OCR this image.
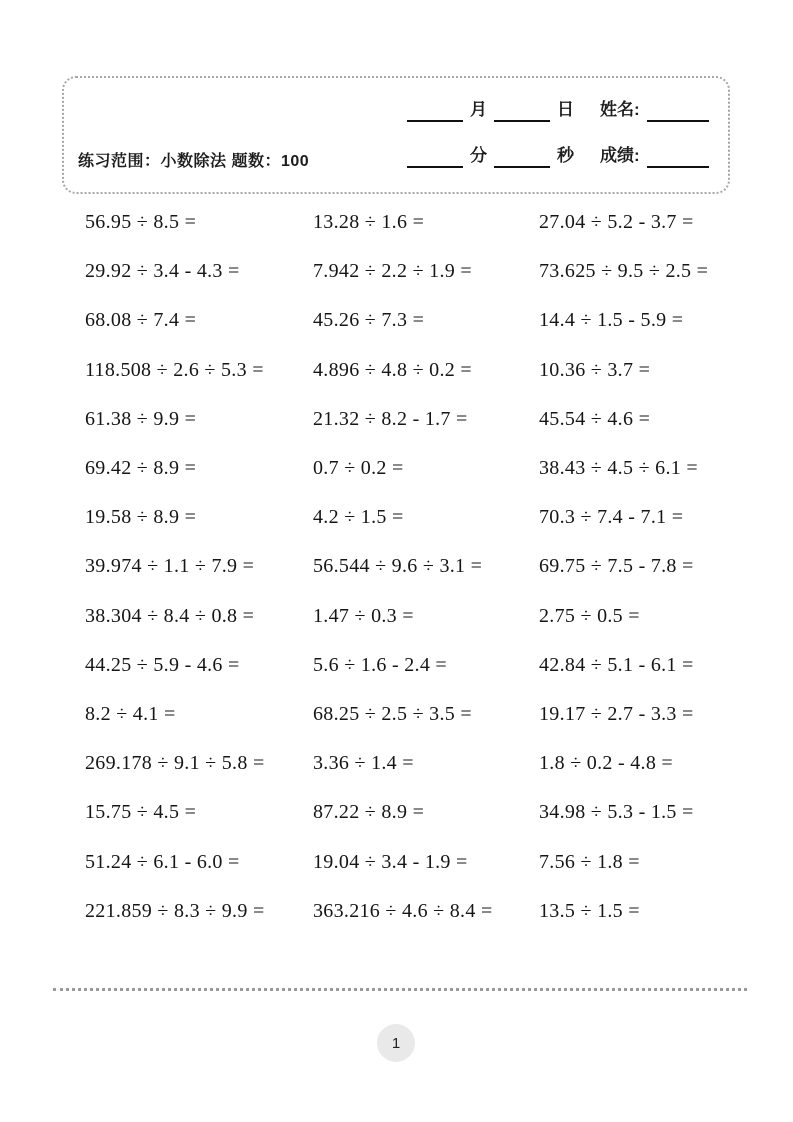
练习范围：小数除法 题数：100
月	日 姓名:
分	秒 成绩:
56.95 ÷ 8.5 =	13.28 ÷ 1.6 =	27.04 ÷ 5.2 - 3.7 =
29.92 ÷ 3.4 - 4.3 =	7.942 ÷ 2.2 ÷ 1.9 =	73.625 ÷ 9.5 ÷ 2.5 =
68.08 ÷ 7.4 =	45.26 ÷ 7.3 =	14.4 ÷ 1.5 - 5.9 =
118.508 ÷ 2.6 ÷ 5.3 =	4.896 ÷ 4.8 ÷ 0.2 =	10.36 ÷ 3.7 =
61.38 ÷ 9.9 =	21.32 ÷ 8.2 - 1.7 =	45.54 ÷ 4.6 =
69.42 ÷ 8.9 =	0.7 ÷ 0.2 =	38.43 ÷ 4.5 ÷ 6.1 =
19.58 ÷ 8.9 =	4.2 ÷ 1.5 =	70.3 ÷ 7.4 - 7.1 =
39.974 ÷ 1.1 ÷ 7.9 =	56.544 ÷ 9.6 ÷ 3.1 =	69.75 ÷ 7.5 - 7.8 =
38.304 ÷ 8.4 ÷ 0.8 =	1.47 ÷ 0.3 =	2.75 ÷ 0.5 =
44.25 ÷ 5.9 - 4.6 =	5.6 ÷ 1.6 - 2.4 =	42.84 ÷ 5.1 - 6.1 =
8.2 ÷ 4.1 =	68.25 ÷ 2.5 ÷ 3.5 =	19.17 ÷ 2.7 - 3.3 =
269.178 ÷ 9.1 ÷ 5.8 =	3.36 ÷ 1.4 =	1.8 ÷ 0.2 - 4.8 =
15.75 ÷ 4.5 =	87.22 ÷ 8.9 =	34.98 ÷ 5.3 - 1.5 =
51.24 ÷ 6.1 - 6.0 =	19.04 ÷ 3.4 - 1.9 =	7.56 ÷ 1.8 =
221.859 ÷ 8.3 ÷ 9.9 =	363.216 ÷ 4.6 ÷ 8.4 =	13.5 ÷ 1.5 =
1
